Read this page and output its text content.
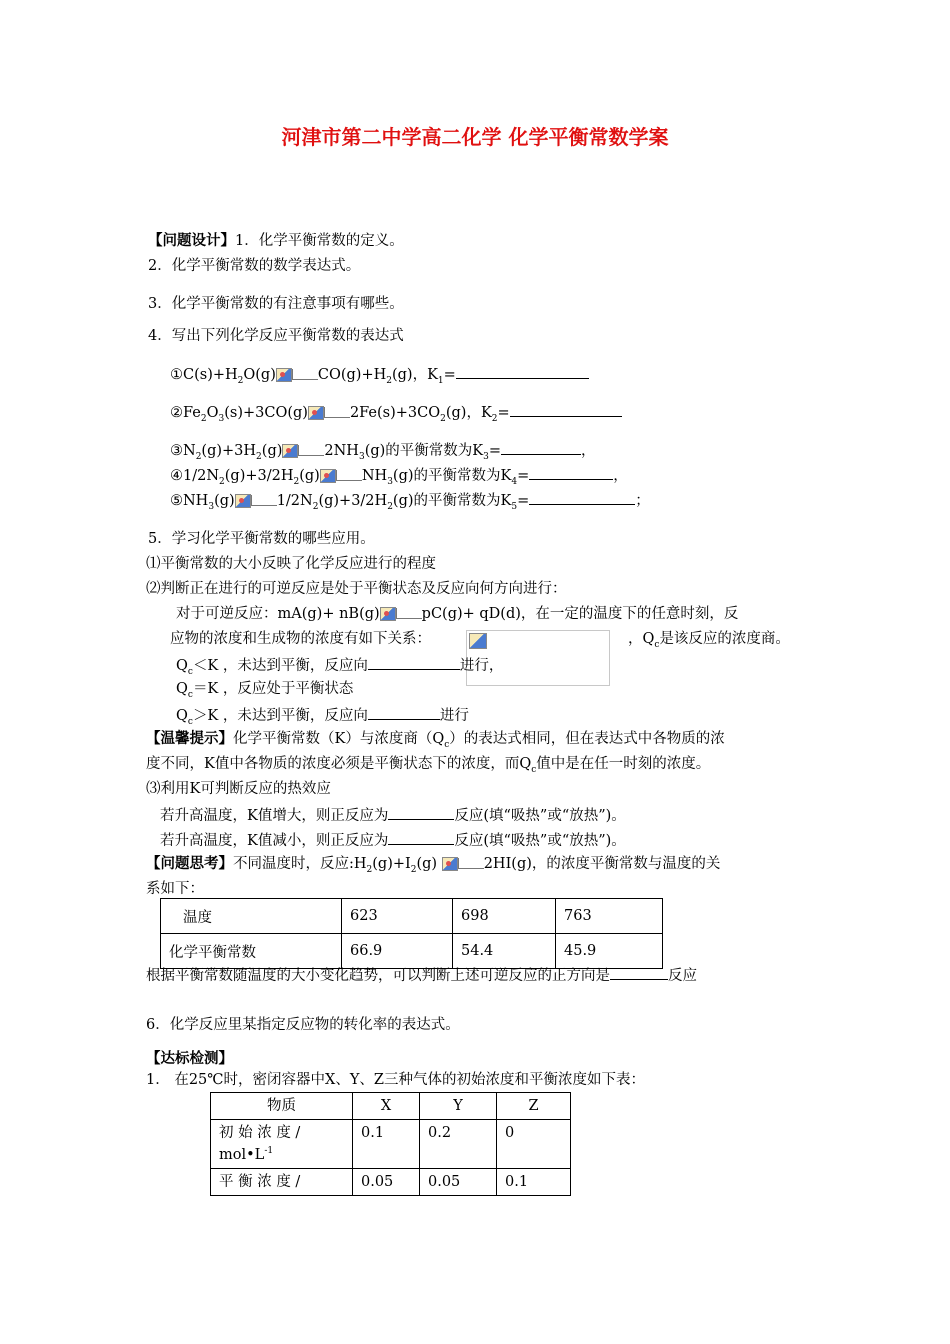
河津市第二中学高二化学 化学平衡常数学案
【问题设计】1．化学平衡常数的定义。
2．化学平衡常数的数学表达式。
3．化学平衡常数的有注意事项有哪些。
4．写出下列化学反应平衡常数的表达式
$①C(s)+H_2O(g)$	$CO(g)+H_2(g)$，$K_1=$
$②Fe_2O_3(s)+3CO(g)$	$2Fe(s)+3CO_2(g)$，$K_2=$
$③N_2(g)+3H_2(g)$	$2NH_3(g)$的平衡常数为$K_3=$	，
$④1/2N_2(g)+3/2H_2(g)$	$NH_3(g)$的平衡常数为$K_4=$	，
$⑤NH_3(g)$	$1/2N_2(g)+3/2H_2(g)$的平衡常数为$K_5=$	；
5．学习化学平衡常数的哪些应用。
⑴平衡常数的大小反映了化学反应进行的程度
⑵判断正在进行的可逆反应是处于平衡状态及反应向何方向进行：
对于可逆反应：mA(g)+ nB(g)	pC(g)+ qD(d)，在一定的温度下的任意时刻，反
应物的浓度和生成物的浓度有如下关系：	，$Q_c$是该反应的浓度商。
$Q_c<K$ ，未达到平衡，反应向	进行，
$Q_c=K$ ，反应处于平衡状态
$Q_c>K$ ，未达到平衡，反应向	进行
【温馨提示】化学平衡常数（K）与浓度商$(Q_c)$的表达式相同，但在表达式中各物质的浓
度不同，K值中各物质的浓度必须是平衡状态下的浓度，而$Q_c$值中是在任一时刻的浓度。
⑶利用K可判断反应的热效应
若升高温度，K值增大，则正反应为	反应(填“吸热”或“放热”)。
若升高温度，K值减小，则正反应为	反应(填“吸热”或“放热”)。
【问题思考】不同温度时，反应$:H_2(g)+I_2(g)$	2HI(g)，的浓度平衡常数与温度的关
系如下：
温度	623	698	763
化学平衡常数	66.9	54.4	45.9
根据平衡常数随温度的大小变化趋势，可以判断上述可逆反应的正方向是	反应
6．化学反应里某指定反应物的转化率的表达式。
【达标检测】
1． 在25℃时，密闭容器中X、Y、Z三种气体的初始浓度和平衡浓度如下表：
物质	X	Y	Z
初 始 浓 度 /
$mol•L^{-1}$	0.1	0.2	0
平 衡 浓 度 /	0.05	0.05	0.1
